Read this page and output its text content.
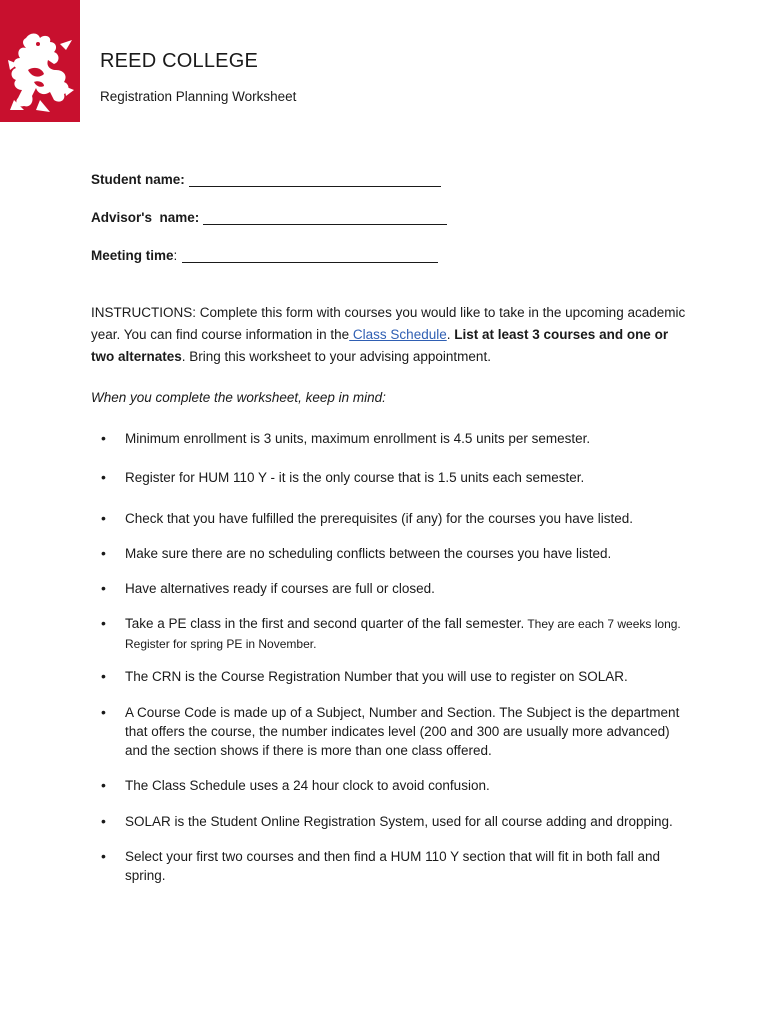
REED COLLEGE
Registration Planning Worksheet
Student name:
Advisor's  name:
Meeting time:
INSTRUCTIONS: Complete this form with courses you would like to take in the upcoming academic year. You can find course information in the Class Schedule. List at least 3 courses and one or two alternates. Bring this worksheet to your advising appointment.
When you complete the worksheet, keep in mind:
• Minimum enrollment is 3 units, maximum enrollment is 4.5 units per semester.
• Register for HUM 110 Y - it is the only course that is 1.5 units each semester.
• Check that you have fulfilled the prerequisites (if any) for the courses you have listed.
• Make sure there are no scheduling conflicts between the courses you have listed.
• Have alternatives ready if courses are full or closed.
• Take a PE class in the first and second quarter of the fall semester. They are each 7 weeks long. Register for spring PE in November.
• The CRN is the Course Registration Number that you will use to register on SOLAR.
• A Course Code is made up of a Subject, Number and Section. The Subject is the department that offers the course, the number indicates level (200 and 300 are usually more advanced) and the section shows if there is more than one class offered.
• The Class Schedule uses a 24 hour clock to avoid confusion.
• SOLAR is the Student Online Registration System, used for all course adding and dropping.
• Select your first two courses and then find a HUM 110 Y section that will fit in both fall and spring.
